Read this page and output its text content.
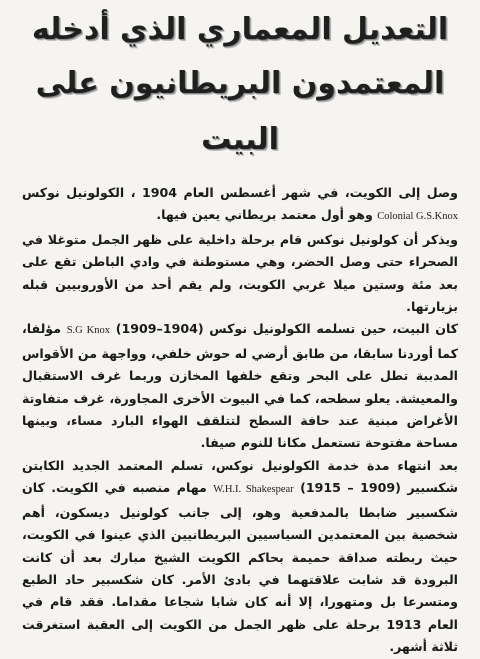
التعديل المعماري الذي أدخله
المعتمدون البريطانيون على البيت

وصل إلى الكويت، في شهر أغسطس العام 1904 ، الكولونيل نوكس Colonial G.S.Knox وهو أول معتمد بريطاني يعين فيها.

ويذكر أن كولونيل نوكس قام برحلة داخلية على ظهر الجمل متوغلا في الصحراء حتى وصل الحضر، وهي مستوطنة في وادي الباطن تقع على بعد مئة وستين ميلا غربي الكويت، ولم يقم أحد من الأوروبيين قبله بزيارتها.

كان البيت، حين تسلمه الكولونيل نوكس (1904–1909) S.G Knox مؤلفا، كما أوردنا سابقا، من طابق أرضي له حوش خلفي، وواجهة من الأقواس المدببة تطل على البحر وتقع خلفها المخازن وربما غرف الاستقبال والمعيشة. يعلو سطحه، كما في البيوت الأخرى المجاورة، غرف متفاوتة الأغراض مبنية عند حافة السطح لتتلقف الهواء البارد مساء، وبينها مساحة مفتوحة تستعمل مكانا للنوم صيفا.

بعد انتهاء مدة خدمة الكولونيل نوكس، تسلم المعتمد الجديد الكابتن شكسبير (1909 – 1915) W.H.I. Shakespear مهام منصبه في الكويت. كان شكسبير ضابطا بالمدفعية وهو، إلى جانب كولونيل ديسكون، أهم شخصية بين المعتمدين السياسيين البريطانيين الذي عينوا في الكويت، حيث ربطته صداقة حميمة بحاكم الكويت الشيخ مبارك بعد أن كانت البرودة قد شابت علاقتهما في بادئ الأمر. كان شكسبير حاد الطبع ومتسرعا بل ومتهورا، إلا أنه كان شابا شجاعا مقداما. فقد قام في العام 1913 برحلة على ظهر الجمل من الكويت إلى العقبة استغرقت ثلاثة أشهر.
